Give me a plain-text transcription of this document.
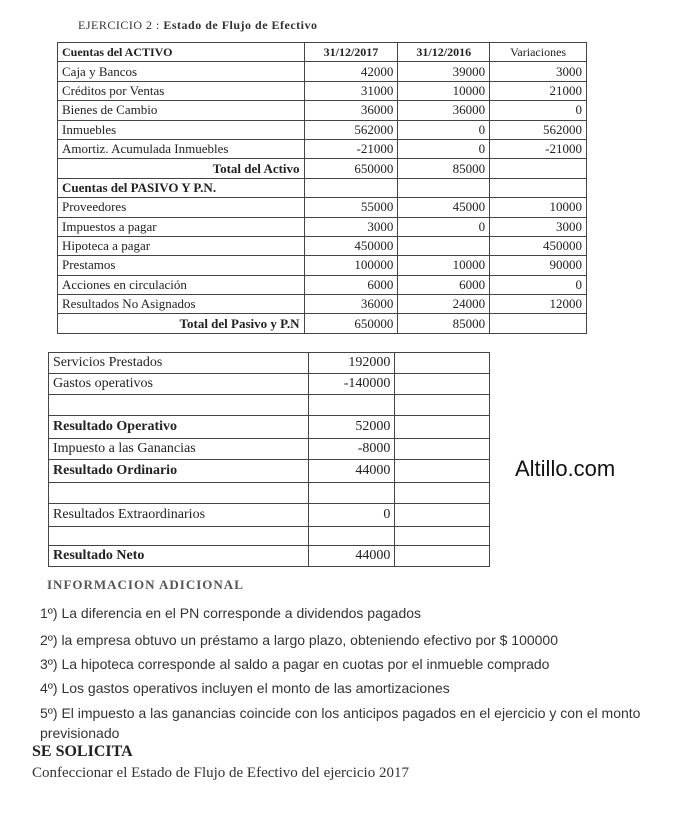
EJERCICIO 2 : Estado de Flujo de Efectivo
Cuentas del ACTIVO	31/12/2017	31/12/2016	Variaciones
Caja y Bancos	42000	39000	3000
Créditos por Ventas	31000	10000	21000
Bienes de Cambio	36000	36000	0
Inmuebles	562000	0	562000
Amortiz. Acumulada Inmuebles	-21000	0	-21000
Total del Activo	650000	85000	
Cuentas del PASIVO Y P.N.			
Proveedores	55000	45000	10000
Impuestos a pagar	3000	0	3000
Hipoteca a pagar	450000		450000
Prestamos	100000	10000	90000
Acciones en circulación	6000	6000	0
Resultados No Asignados	36000	24000	12000
Total del Pasivo y P.N	650000	85000	
Servicios Prestados	192000	
Gastos operativos	-140000	

Resultado Operativo	52000	
Impuesto a las Ganancias	-8000	
Resultado Ordinario	44000	

Resultados Extraordinarios	0	

Resultado Neto	44000	
Altillo.com
INFORMACION ADICIONAL
1º) La diferencia en el PN corresponde a dividendos pagados
2º) la empresa obtuvo un préstamo a largo plazo, obteniendo efectivo por $ 100000
3º) La hipoteca corresponde al saldo a pagar en cuotas por el inmueble comprado
4º) Los gastos operativos incluyen el monto de las amortizaciones
5º) El impuesto a las ganancias coincide con los anticipos pagados en el ejercicio y con el monto previsionado
SE SOLICITA
Confeccionar el Estado de Flujo de Efectivo del ejercicio 2017
